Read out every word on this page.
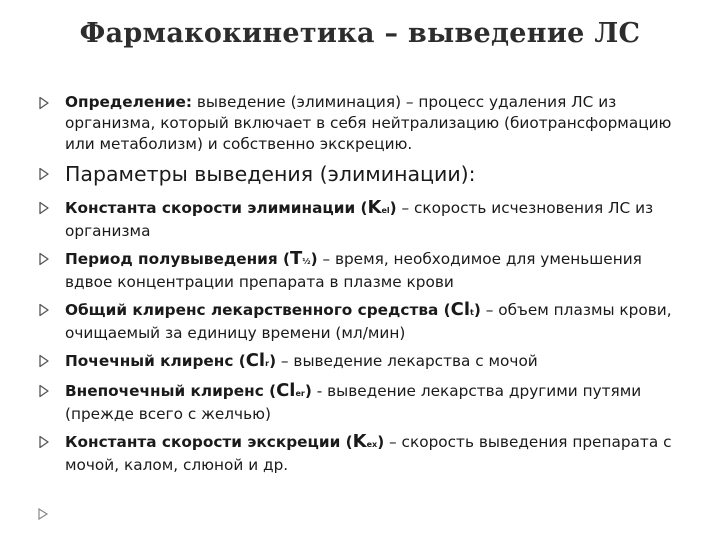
Фармакокинетика – выведение ЛС
Определение: выведение (элиминация) – процесс удаления ЛС из организма, который включает в себя нейтрализацию (биотрансформацию или метаболизм) и собственно экскрецию.
Параметры выведения (элиминации):
Константа скорости элиминации (Kel) – скорость исчезновения ЛС из организма
Период полувыведения (T½) – время, необходимое для уменьшения вдвое концентрации препарата в плазме крови
Общий клиренс лекарственного средства (Clt) – объем плазмы крови, очищаемый за единицу времени (мл/мин)
Почечный клиренс (Clr) – выведение лекарства с мочой
Внепочечный клиренс (Cler) - выведение лекарства другими путями (прежде всего с желчью)
Константа скорости экскреции (Kex) – скорость выведения препарата с мочой, калом, слюной и др.
